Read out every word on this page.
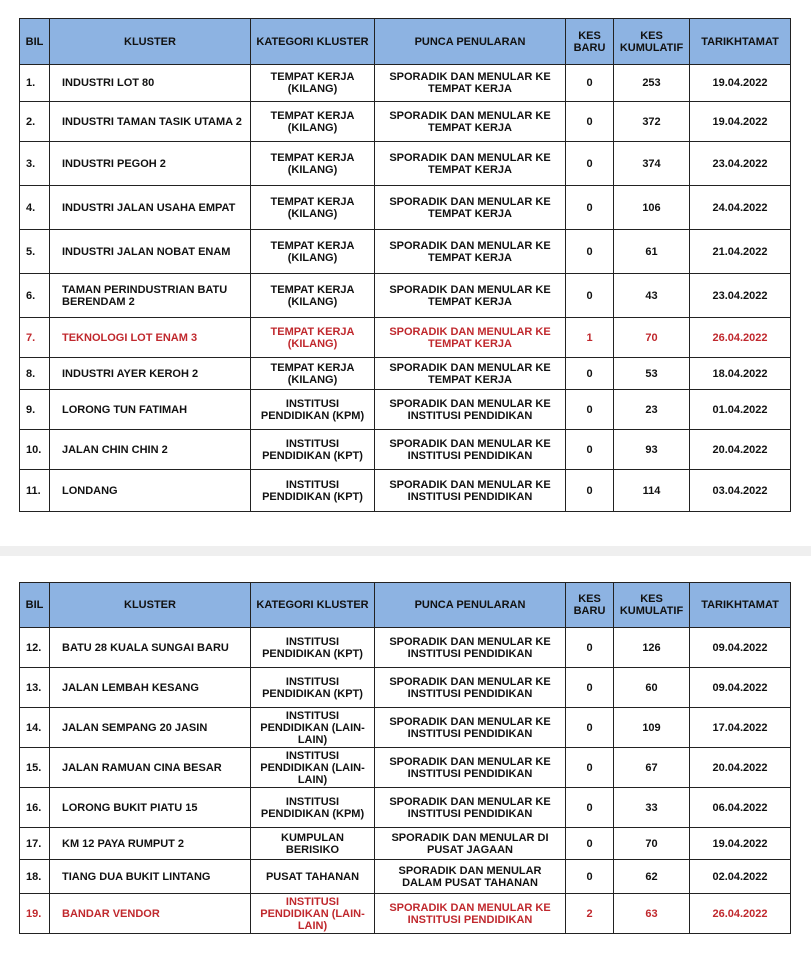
BIL	KLUSTER	KATEGORI KLUSTER	PUNCA PENULARAN	KES BARU	KES KUMULATIF	TARIKHTAMAT
1.	INDUSTRI LOT 80	TEMPAT KERJA (KILANG)	SPORADIK DAN MENULAR KE TEMPAT KERJA	0	253	19.04.2022
2.	INDUSTRI TAMAN TASIK UTAMA 2	TEMPAT KERJA (KILANG)	SPORADIK DAN MENULAR KE TEMPAT KERJA	0	372	19.04.2022
3.	INDUSTRI PEGOH 2	TEMPAT KERJA (KILANG)	SPORADIK DAN MENULAR KE TEMPAT KERJA	0	374	23.04.2022
4.	INDUSTRI JALAN USAHA EMPAT	TEMPAT KERJA (KILANG)	SPORADIK DAN MENULAR KE TEMPAT KERJA	0	106	24.04.2022
5.	INDUSTRI JALAN NOBAT ENAM	TEMPAT KERJA (KILANG)	SPORADIK DAN MENULAR KE TEMPAT KERJA	0	61	21.04.2022
6.	TAMAN PERINDUSTRIAN BATU BERENDAM 2	TEMPAT KERJA (KILANG)	SPORADIK DAN MENULAR KE TEMPAT KERJA	0	43	23.04.2022
7.	TEKNOLOGI LOT ENAM 3	TEMPAT KERJA (KILANG)	SPORADIK DAN MENULAR KE TEMPAT KERJA	1	70	26.04.2022
8.	INDUSTRI AYER KEROH 2	TEMPAT KERJA (KILANG)	SPORADIK DAN MENULAR KE TEMPAT KERJA	0	53	18.04.2022
9.	LORONG TUN FATIMAH	INSTITUSI PENDIDIKAN (KPM)	SPORADIK DAN MENULAR KE INSTITUSI PENDIDIKAN	0	23	01.04.2022
10.	JALAN CHIN CHIN 2	INSTITUSI PENDIDIKAN (KPT)	SPORADIK DAN MENULAR KE INSTITUSI PENDIDIKAN	0	93	20.04.2022
11.	LONDANG	INSTITUSI PENDIDIKAN (KPT)	SPORADIK DAN MENULAR KE INSTITUSI PENDIDIKAN	0	114	03.04.2022
BIL	KLUSTER	KATEGORI KLUSTER	PUNCA PENULARAN	KES BARU	KES KUMULATIF	TARIKHTAMAT
12.	BATU 28 KUALA SUNGAI BARU	INSTITUSI PENDIDIKAN (KPT)	SPORADIK DAN MENULAR KE INSTITUSI PENDIDIKAN	0	126	09.04.2022
13.	JALAN LEMBAH KESANG	INSTITUSI PENDIDIKAN (KPT)	SPORADIK DAN MENULAR KE INSTITUSI PENDIDIKAN	0	60	09.04.2022
14.	JALAN SEMPANG 20 JASIN	INSTITUSI PENDIDIKAN (LAIN-LAIN)	SPORADIK DAN MENULAR KE INSTITUSI PENDIDIKAN	0	109	17.04.2022
15.	JALAN RAMUAN CINA BESAR	INSTITUSI PENDIDIKAN (LAIN-LAIN)	SPORADIK DAN MENULAR KE INSTITUSI PENDIDIKAN	0	67	20.04.2022
16.	LORONG BUKIT PIATU 15	INSTITUSI PENDIDIKAN (KPM)	SPORADIK DAN MENULAR KE INSTITUSI PENDIDIKAN	0	33	06.04.2022
17.	KM 12 PAYA RUMPUT 2	KUMPULAN BERISIKO	SPORADIK DAN MENULAR DI PUSAT JAGAAN	0	70	19.04.2022
18.	TIANG DUA BUKIT LINTANG	PUSAT TAHANAN	SPORADIK DAN MENULAR DALAM PUSAT TAHANAN	0	62	02.04.2022
19.	BANDAR VENDOR	INSTITUSI PENDIDIKAN (LAIN-LAIN)	SPORADIK DAN MENULAR KE INSTITUSI PENDIDIKAN	2	63	26.04.2022
